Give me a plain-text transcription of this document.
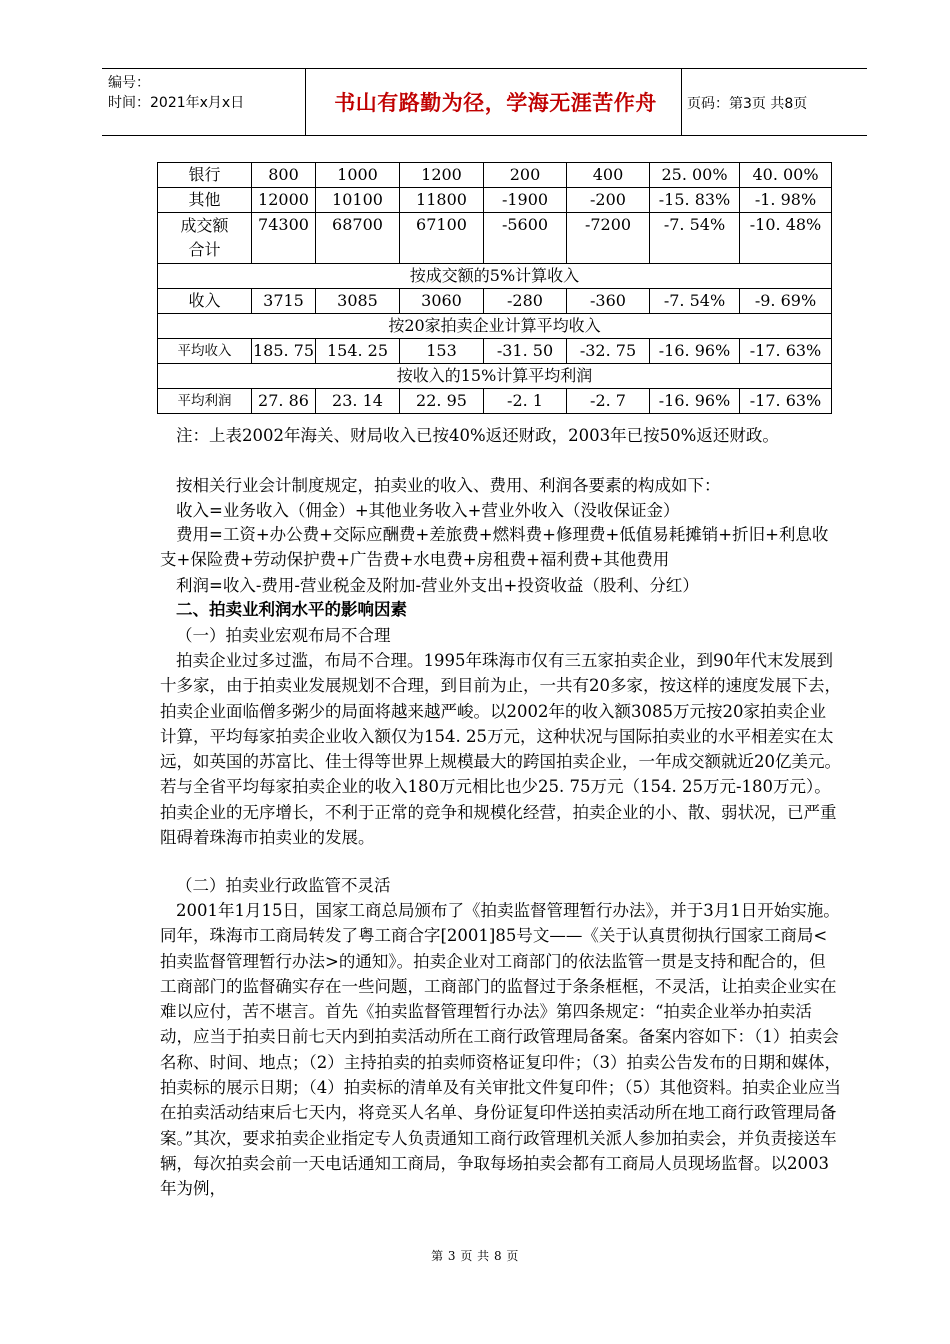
编号：
时间：2021年x月x日	书山有路勤为径，学海无涯苦作舟	页码：第3页 共8页
银行	800	1000	1200	200	400	25. 00%	40. 00%
其他	12000	10100	11800	-1900	-200	-15. 83%	-1. 98%

成交额
合计	74300	68700	67100	-5600	-7200	-7. 54%	-10. 48%
按成交额的5%计算收入							
收入	3715	3085	3060	-280	-360	-7. 54%	-9. 69%
按20家拍卖企业计算平均收入							
平均收入	185. 75	154. 25	153	-31. 50	-32. 75	-16. 96%	-17. 63%
按收入的15%计算平均利润							
平均利润	27. 86	23. 14	22. 95	-2. 1	-2. 7	-16. 96%	-17. 63%
注：上表2002年海关、财局收入已按40%返还财政，2003年已按50%返还财政。
按相关行业会计制度规定，拍卖业的收入、费用、利润各要素的构成如下：
收入=业务收入（佣金）+其他业务收入+营业外收入（没收保证金）
费用=工资+办公费+交际应酬费+差旅费+燃料费+修理费+低值易耗摊销+折旧+利息收支+保险费+劳动保护费+广告费+水电费+房租费+福利费+其他费用
利润=收入-费用-营业税金及附加-营业外支出+投资收益（股利、分红）
二、拍卖业利润水平的影响因素
（一）拍卖业宏观布局不合理
拍卖企业过多过滥，布局不合理。1995年珠海市仅有三五家拍卖企业，到90年代末发展到十多家，由于拍卖业发展规划不合理，到目前为止，一共有20多家，按这样的速度发展下去，拍卖企业面临僧多粥少的局面将越来越严峻。以2002年的收入额3085万元按20家拍卖企业计算，平均每家拍卖企业收入额仅为154. 25万元，这种状况与国际拍卖业的水平相差实在太远，如英国的苏富比、佳士得等世界上规模最大的跨国拍卖企业，一年成交额就近20亿美元。若与全省平均每家拍卖企业的收入180万元相比也少25. 75万元（154. 25万元-180万元）。拍卖企业的无序增长，不利于正常的竞争和规模化经营，拍卖企业的小、散、弱状况，已严重阻碍着珠海市拍卖业的发展。
（二）拍卖业行政监管不灵活
2001年1月15日，国家工商总局颁布了《拍卖监督管理暂行办法》，并于3月1日开始实施。同年，珠海市工商局转发了粤工商合字[2001]85号文——《关于认真贯彻执行国家工商局<拍卖监督管理暂行办法>的通知》。拍卖企业对工商部门的依法监管一贯是支持和配合的，但工商部门的监督确实存在一些问题，工商部门的监督过于条条框框，不灵活，让拍卖企业实在难以应付，苦不堪言。首先《拍卖监督管理暂行办法》第四条规定：“拍卖企业举办拍卖活动，应当于拍卖日前七天内到拍卖活动所在工商行政管理局备案。备案内容如下：（1）拍卖会名称、时间、地点；（2）主持拍卖的拍卖师资格证复印件；（3）拍卖公告发布的日期和媒体，拍卖标的展示日期；（4）拍卖标的清单及有关审批文件复印件；（5）其他资料。拍卖企业应当在拍卖活动结束后七天内，将竞买人名单、身份证复印件送拍卖活动所在地工商行政管理局备案。”其次，要求拍卖企业指定专人负责通知工商行政管理机关派人参加拍卖会，并负责接送车辆，每次拍卖会前一天电话通知工商局，争取每场拍卖会都有工商局人员现场监督。以2003年为例，
第 3 页 共 8 页
